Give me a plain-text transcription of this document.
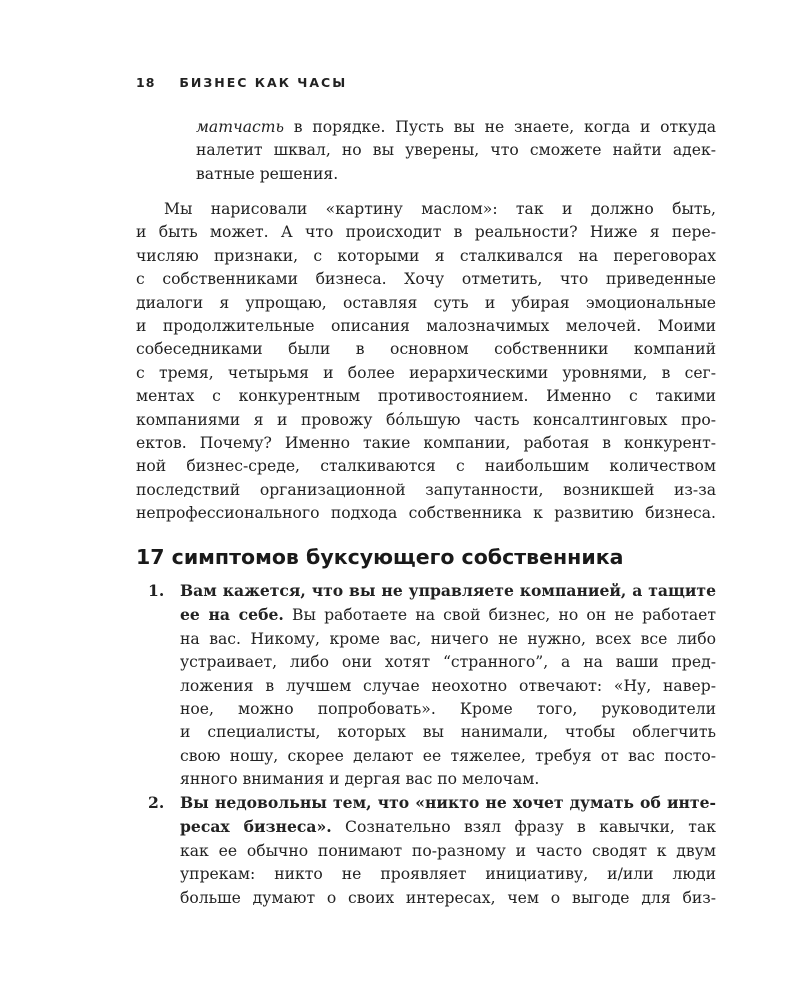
18 БИЗНЕС КАК ЧАСЫ
матчасть в порядке. Пусть вы не знаете, когда и откуда
налетит шквал, но вы уверены, что сможете найти адек-
ватные решения.
Мы нарисовали «картину маслом»: так и должно быть,
и быть может. А что происходит в реальности? Ниже я пере-
числяю признаки, с которыми я сталкивался на переговорах
с собственниками бизнеса. Хочу отметить, что приведенные
диалоги я упрощаю, оставляя суть и убирая эмоциональные
и продолжительные описания малозначимых мелочей. Моими
собеседниками были в основном собственники компаний
с тремя, четырьмя и более иерархическими уровнями, в сег-
ментах с конкурентным противостоянием. Именно с такими
компаниями я и провожу бóльшую часть консалтинговых про-
ектов. Почему? Именно такие компании, работая в конкурент-
ной бизнес-среде, сталкиваются с наибольшим количеством
последствий организационной запутанности, возникшей из-за
непрофессионального подхода собственника к развитию бизнеса.
17 симптомов буксующего собственника
1. Вам кажется, что вы не управляете компанией, а тащите
ее на себе. Вы работаете на свой бизнес, но он не работает
на вас. Никому, кроме вас, ничего не нужно, всех все либо
устраивает, либо они хотят “странного”, а на ваши пред-
ложения в лучшем случае неохотно отвечают: «Ну, навер-
ное, можно попробовать». Кроме того, руководители
и специалисты, которых вы нанимали, чтобы облегчить
свою ношу, скорее делают ее тяжелее, требуя от вас посто-
янного внимания и дергая вас по мелочам.
2. Вы недовольны тем, что «никто не хочет думать об инте-
ресах бизнеса». Сознательно взял фразу в кавычки, так
как ее обычно понимают по-разному и часто сводят к двум
упрекам: никто не проявляет инициативу, и/или люди
больше думают о своих интересах, чем о выгоде для биз-
